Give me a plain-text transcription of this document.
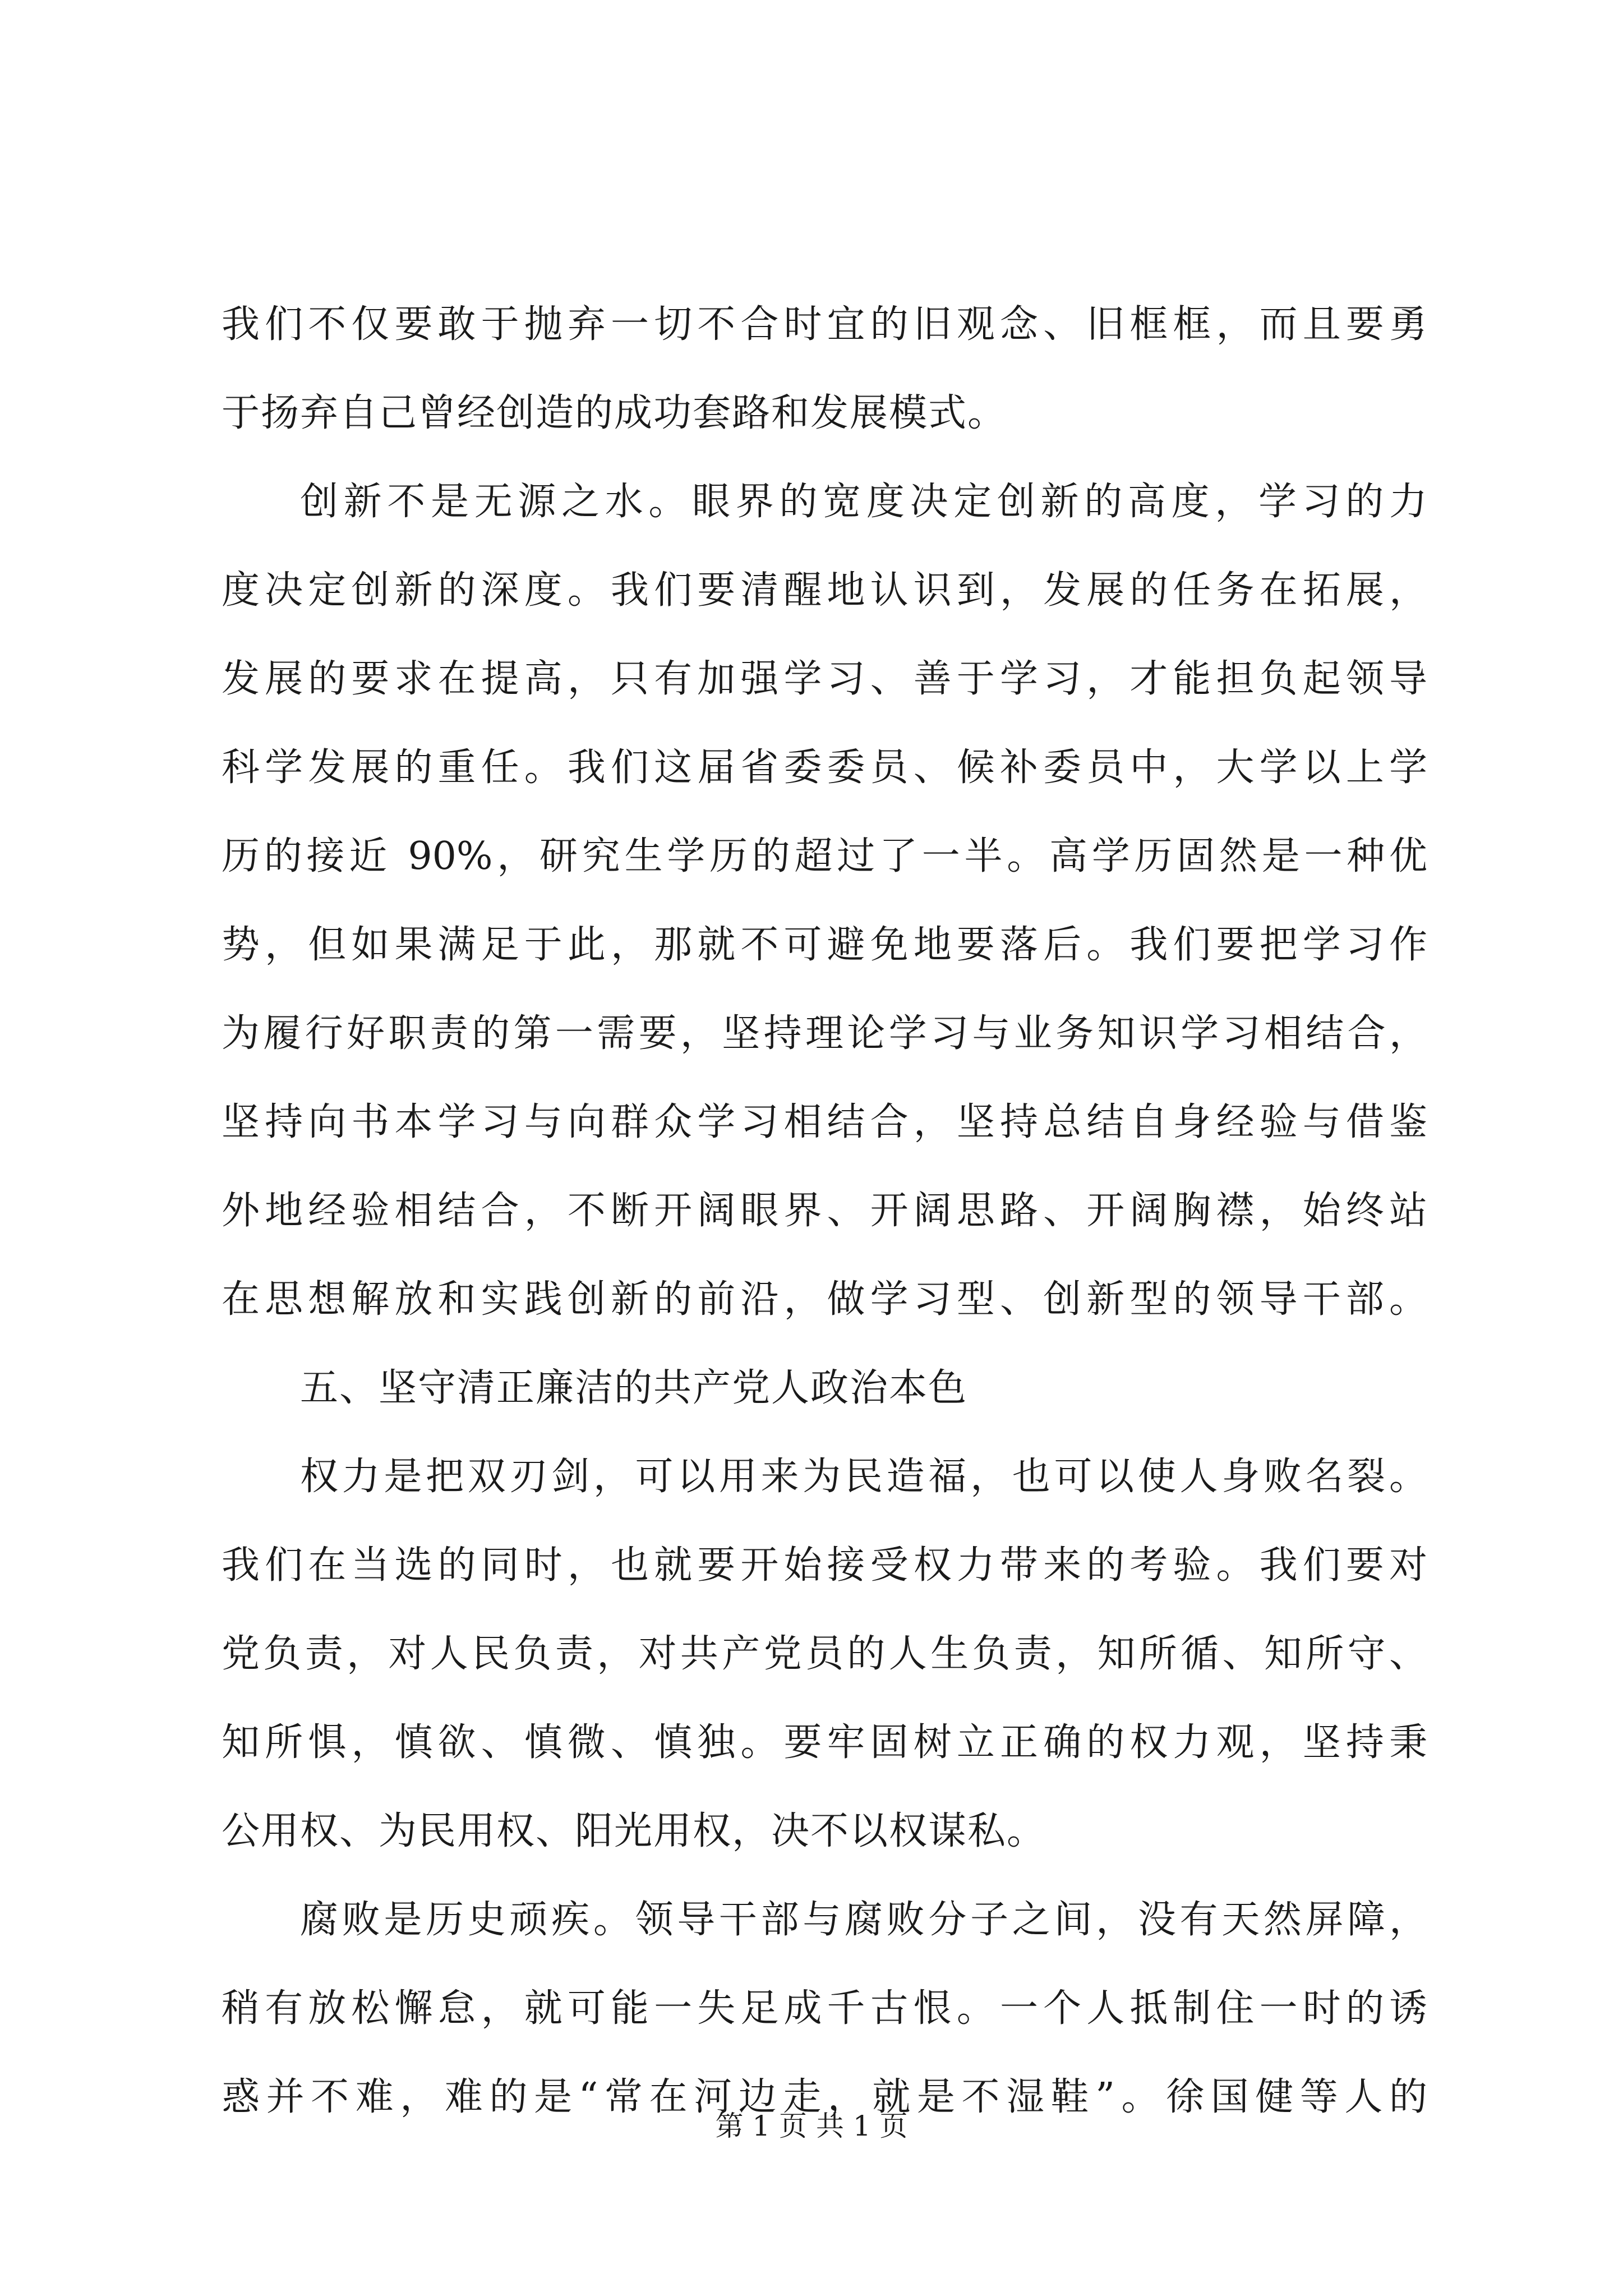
我们不仅要敢于抛弃一切不合时宜的旧观念、旧框框，而且要勇
于扬弃自己曾经创造的成功套路和发展模式。
创新不是无源之水。眼界的宽度决定创新的高度，学习的力
度决定创新的深度。我们要清醒地认识到，发展的任务在拓展，
发展的要求在提高，只有加强学习、善于学习，才能担负起领导
科学发展的重任。我们这届省委委员、候补委员中，大学以上学
历的接近 90%，研究生学历的超过了一半。高学历固然是一种优
势，但如果满足于此，那就不可避免地要落后。我们要把学习作
为履行好职责的第一需要，坚持理论学习与业务知识学习相结合，
坚持向书本学习与向群众学习相结合，坚持总结自身经验与借鉴
外地经验相结合，不断开阔眼界、开阔思路、开阔胸襟，始终站
在思想解放和实践创新的前沿，做学习型、创新型的领导干部。
五、坚守清正廉洁的共产党人政治本色
权力是把双刃剑，可以用来为民造福，也可以使人身败名裂。
我们在当选的同时，也就要开始接受权力带来的考验。我们要对
党负责，对人民负责，对共产党员的人生负责，知所循、知所守、
知所惧，慎欲、慎微、慎独。要牢固树立正确的权力观，坚持秉
公用权、为民用权、阳光用权，决不以权谋私。
腐败是历史顽疾。领导干部与腐败分子之间，没有天然屏障，
稍有放松懈怠，就可能一失足成千古恨。一个人抵制住一时的诱
惑并不难，难的是“常在河边走，就是不湿鞋”。徐国健等人的
第 1 页 共 1 页
